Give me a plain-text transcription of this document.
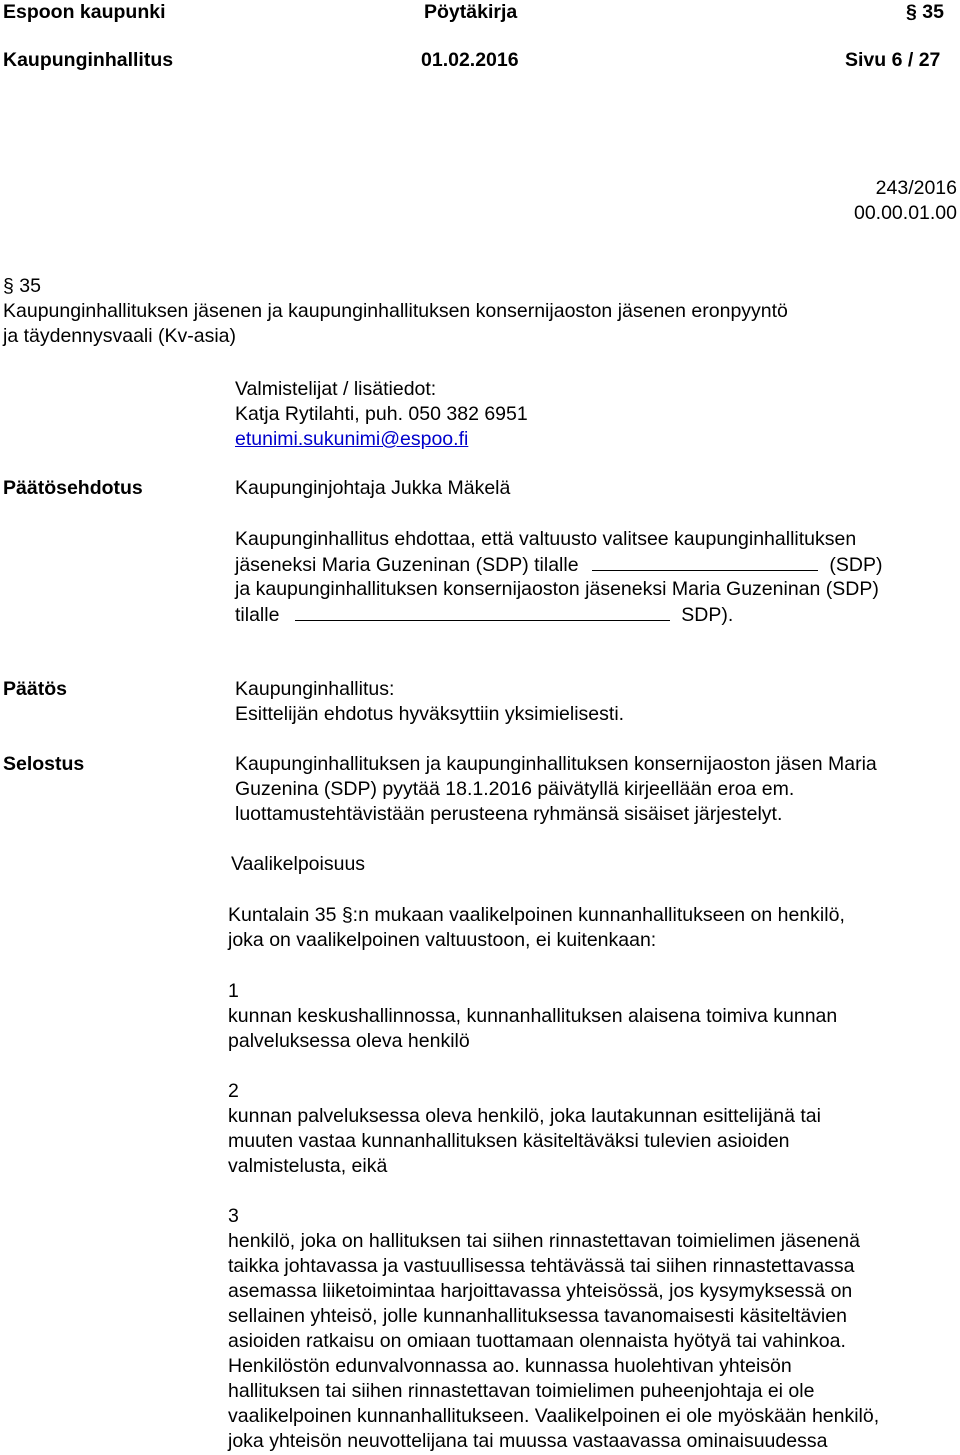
Espoon kaupunki	Pöytäkirja	§ 35
Kaupunginhallitus	01.02.2016	Sivu 6 / 27
243/2016
00.00.01.00
§ 35
Kaupunginhallituksen jäsenen ja kaupunginhallituksen konsernijaoston jäsenen eronpyyntö
ja täydennysvaali (Kv-asia)
Valmistelijat / lisätiedot:
Katja Rytilahti, puh. 050 382 6951
etunimi.sukunimi@espoo.fi
Päätösehdotus	Kaupunginjohtaja Jukka Mäkelä
Kaupunginhallitus ehdottaa, että valtuusto valitsee kaupunginhallituksen
jäseneksi Maria Guzeninan (SDP) tilalle	(SDP)
ja kaupunginhallituksen konsernijaoston jäseneksi Maria Guzeninan (SDP)
tilalle	SDP).
Päätös	Kaupunginhallitus:
Esittelijän ehdotus hyväksyttiin yksimielisesti.
Selostus	Kaupunginhallituksen ja kaupunginhallituksen konsernijaoston jäsen Maria
Guzenina (SDP) pyytää 18.1.2016 päivätyllä kirjeellään eroa em.
luottamustehtävistään perusteena ryhmänsä sisäiset järjestelyt.
Vaalikelpoisuus
Kuntalain 35 §:n mukaan vaalikelpoinen kunnanhallitukseen on henkilö,
joka on vaalikelpoinen valtuustoon, ei kuitenkaan:
1
kunnan keskushallinnossa, kunnanhallituksen alaisena toimiva kunnan
palveluksessa oleva henkilö
2
kunnan palveluksessa oleva henkilö, joka lautakunnan esittelijänä tai
muuten vastaa kunnanhallituksen käsiteltäväksi tulevien asioiden
valmistelusta, eikä
3
henkilö, joka on hallituksen tai siihen rinnastettavan toimielimen jäsenenä
taikka johtavassa ja vastuullisessa tehtävässä tai siihen rinnastettavassa
asemassa liiketoimintaa harjoittavassa yhteisössä, jos kysymyksessä on
sellainen yhteisö, jolle kunnanhallituksessa tavanomaisesti käsiteltävien
asioiden ratkaisu on omiaan tuottamaan olennaista hyötyä tai vahinkoa.
Henkilöstön edunvalvonnassa ao. kunnassa huolehtivan yhteisön
hallituksen tai siihen rinnastettavan toimielimen puheenjohtaja ei ole
vaalikelpoinen kunnanhallitukseen. Vaalikelpoinen ei ole myöskään henkilö,
joka yhteisön neuvottelijana tai muussa vastaavassa ominaisuudessa
